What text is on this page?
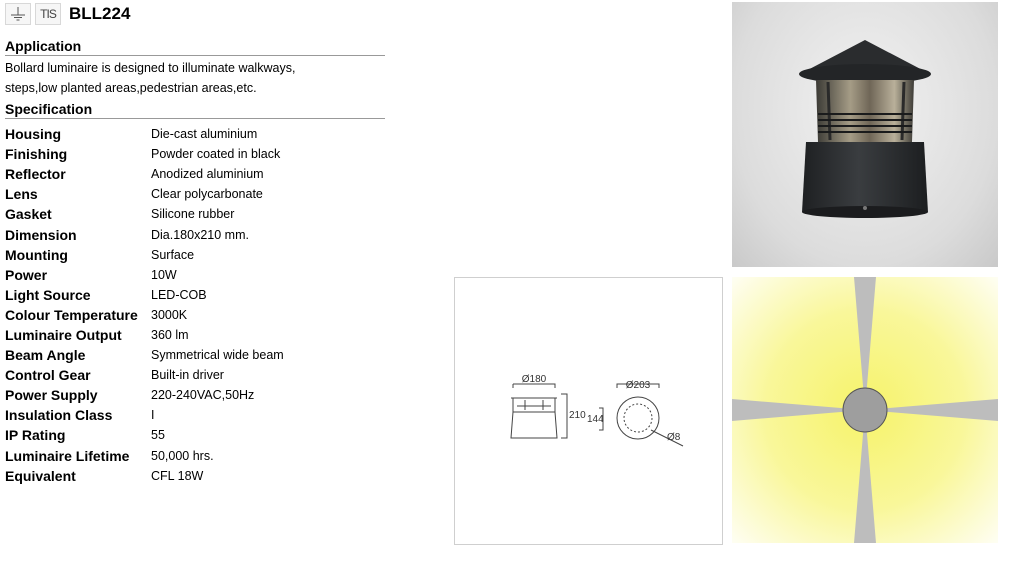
TIS BLL224
Application
Bollard luminaire is designed to illuminate walkways,
steps,low planted areas,pedestrian areas,etc.
Specification
Housing	Die-cast aluminium
Finishing	Powder coated in black
Reflector	Anodized aluminium
Lens	Clear polycarbonate
Gasket	Silicone rubber
Dimension	Dia.180x210 mm.
Mounting	Surface
Power	10W
Light Source	LED-COB
Colour Temperature	3000K
Luminaire Output	360 lm
Beam Angle	Symmetrical wide beam
Control Gear	Built-in driver
Power Supply	220-240VAC,50Hz
Insulation Class	I
IP Rating	55
Luminaire Lifetime	50,000 hrs.
Equivalent	CFL 18W
Ø180
210 144
Ø203
Ø8
